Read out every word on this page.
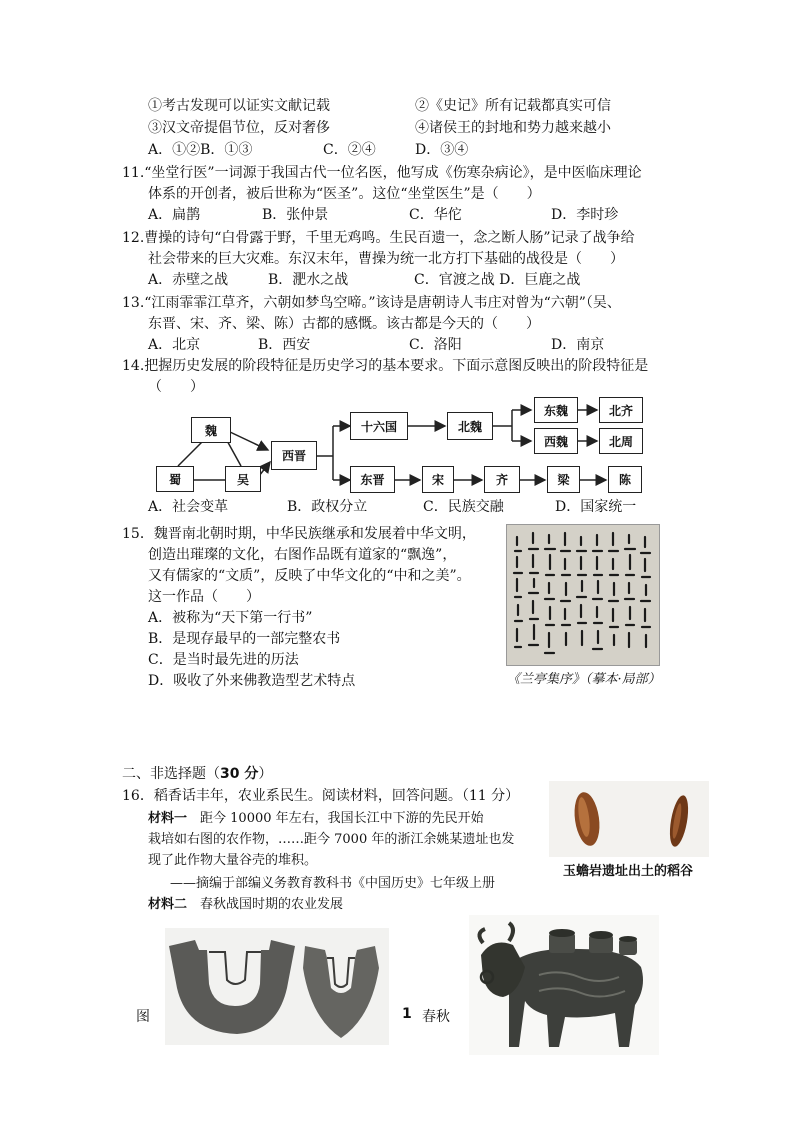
①考古发现可以证实文献记载	②《史记》所有记载都真实可信
③汉文帝提倡节位，反对奢侈	④诸侯王的封地和势力越来越小
A．①②B．①③	C．②④	D．③④
11.“坐堂行医”一词源于我国古代一位名医，他写成《伤寒杂病论》，是中医临床理论
体系的开创者，被后世称为“医圣”。这位“坐堂医生”是（　　）
A．扁鹊	B．张仲景	C．华佗	D．李时珍
12.曹操的诗句“白骨露于野，千里无鸡鸣。生民百遗一，念之断人肠”记录了战争给
社会带来的巨大灾难。东汉末年，曹操为统一北方打下基础的战役是（　　）
A．赤壁之战	B．淝水之战	C．官渡之战 D．巨鹿之战
13.“江雨霏霏江草齐，六朝如梦鸟空啼。”该诗是唐朝诗人韦庄对曾为“六朝”（吴、
东晋、宋、齐、梁、陈）古都的感慨。该古都是今天的（　　）
A．北京	B．西安	C．洛阳	D．南京
14.把握历史发展的阶段特征是历史学习的基本要求。下面示意图反映出的阶段特征是
（　　）
魏
蜀	吴
西晋
十六国	北魏
东魏
西魏
北齐
北周
东晋	宋	齐	梁	陈
A．社会变革	B．政权分立	C．民族交融	D．国家统一
15．魏晋南北朝时期，中华民族继承和发展着中华文明，
创造出璀璨的文化，右图作品既有道家的“飘逸”，
又有儒家的“文质”，反映了中华文化的“中和之美”。
这一作品（　　）
A．被称为“天下第一行书”
B．是现存最早的一部完整农书
C．是当时最先进的历法
D．吸收了外来佛教造型艺术特点	《兰亭集序》（摹本·局部）
二、非选择题（30 分）
16．稻香话丰年，农业系民生。阅读材料，回答问题。（11 分）
材料一　距今 10000 年左右，我国长江中下游的先民开始
栽培如右图的农作物，……距今 7000 年的浙江余姚某遗址也发
现了此作物大量谷壳的堆积。
——摘编于部编义务教育教科书《中国历史》七年级上册
材料二　春秋战国时期的农业发展
玉蟾岩遗址出土的稻谷
图	1 春秋
